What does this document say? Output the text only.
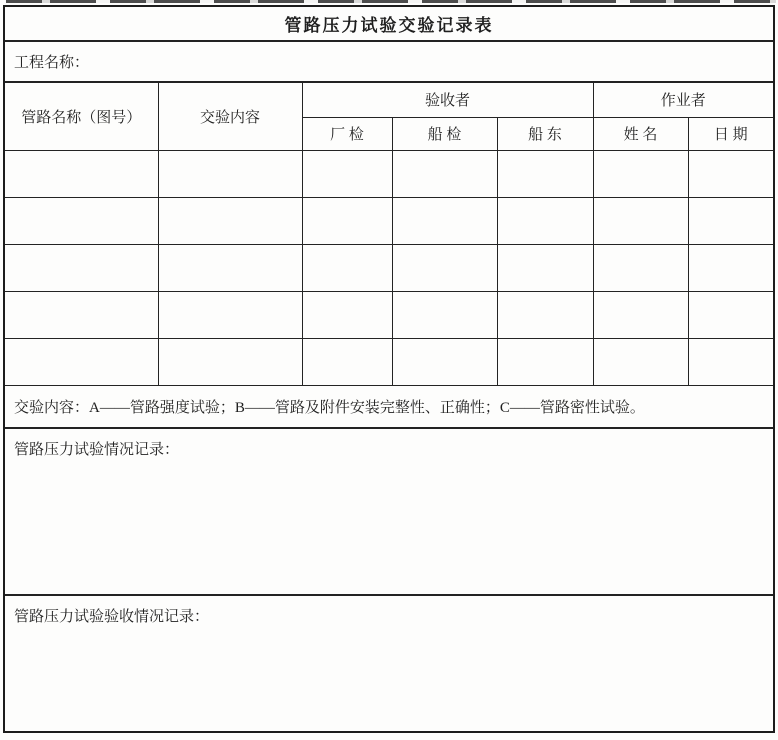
管路压力试验交验记录表
工程名称：
管路名称（图号）	交验内容	验收者			作业者	
		厂 检	船 检	船 东	姓 名	日 期

交验内容：A——管路强度试验；B——管路及附件安装完整性、正确性；C——管路密性试验。
管路压力试验情况记录：
管路压力试验验收情况记录：
